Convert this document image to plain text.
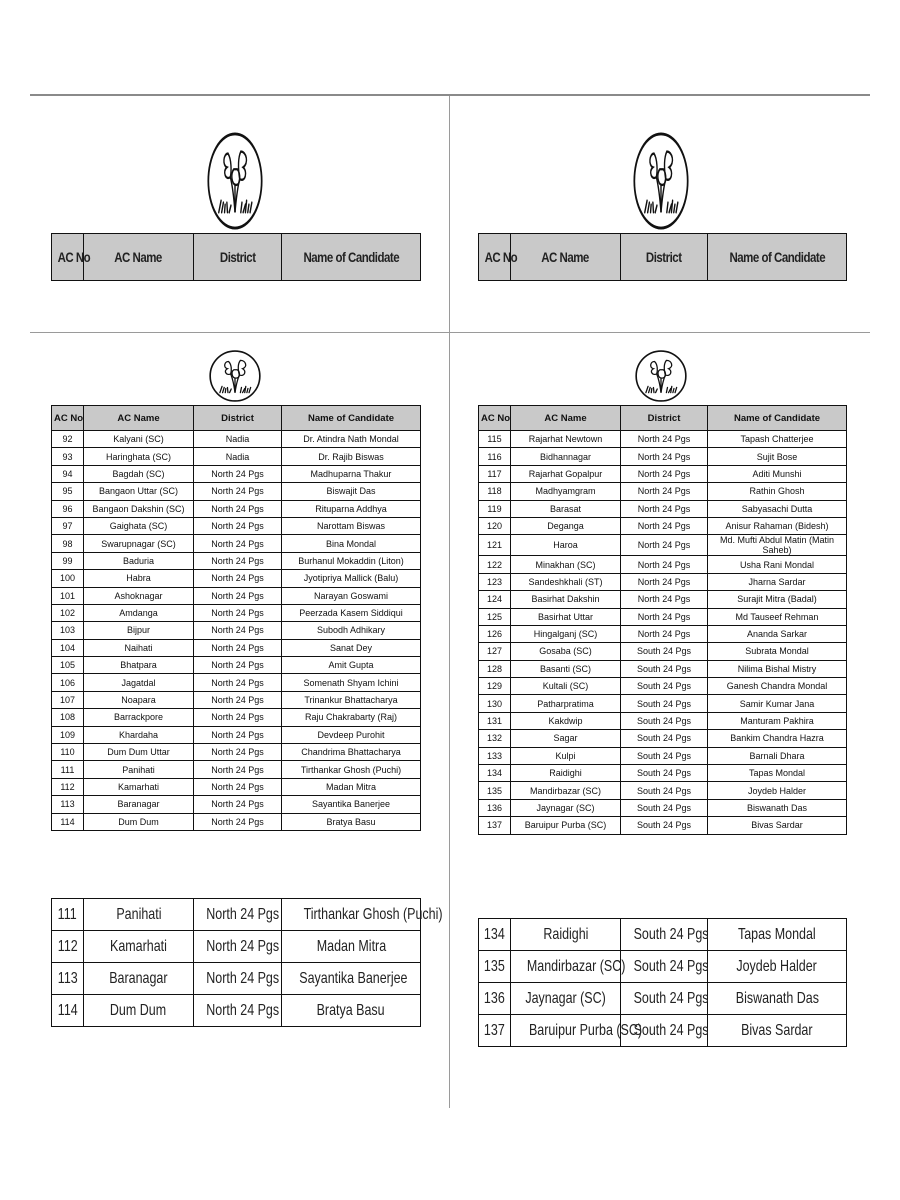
AC No	AC Name	District	Name of Candidate	AC No	AC Name	District	Name of Candidate
AC No	AC Name	District	Name of Candidate
92	Kalyani (SC)	Nadia	Dr. Atindra Nath Mondal
93	Haringhata (SC)	Nadia	Dr. Rajib Biswas
94	Bagdah (SC)	North 24 Pgs	Madhuparna Thakur
95	Bangaon Uttar (SC)	North 24 Pgs	Biswajit Das
96	Bangaon Dakshin (SC)	North 24 Pgs	Rituparna Addhya
97	Gaighata (SC)	North 24 Pgs	Narottam Biswas
98	Swarupnagar (SC)	North 24 Pgs	Bina Mondal
99	Baduria	North 24 Pgs	Burhanul Mokaddin (Liton)
100	Habra	North 24 Pgs	Jyotipriya Mallick (Balu)
101	Ashoknagar	North 24 Pgs	Narayan Goswami
102	Amdanga	North 24 Pgs	Peerzada Kasem Siddiqui
103	Bijpur	North 24 Pgs	Subodh Adhikary
104	Naihati	North 24 Pgs	Sanat Dey
105	Bhatpara	North 24 Pgs	Amit Gupta
106	Jagatdal	North 24 Pgs	Somenath Shyam Ichini
107	Noapara	North 24 Pgs	Trinankur Bhattacharya
108	Barrackpore	North 24 Pgs	Raju Chakrabarty (Raj)
109	Khardaha	North 24 Pgs	Devdeep Purohit
110	Dum Dum Uttar	North 24 Pgs	Chandrima Bhattacharya
111	Panihati	North 24 Pgs	Tirthankar Ghosh (Puchi)
112	Kamarhati	North 24 Pgs	Madan Mitra
113	Baranagar	North 24 Pgs	Sayantika Banerjee
114	Dum Dum	North 24 Pgs	Bratya Basu
AC No	AC Name	District	Name of Candidate
115	Rajarhat Newtown	North 24 Pgs	Tapash Chatterjee
116	Bidhannagar	North 24 Pgs	Sujit Bose
117	Rajarhat Gopalpur	North 24 Pgs	Aditi Munshi
118	Madhyamgram	North 24 Pgs	Rathin Ghosh
119	Barasat	North 24 Pgs	Sabyasachi Dutta
120	Deganga	North 24 Pgs	Anisur Rahaman (Bidesh)
121	Haroa	North 24 Pgs	Md. Mufti Abdul Matin (Matin Saheb)
122	Minakhan (SC)	North 24 Pgs	Usha Rani Mondal
123	Sandeshkhali (ST)	North 24 Pgs	Jharna Sardar
124	Basirhat Dakshin	North 24 Pgs	Surajit Mitra (Badal)
125	Basirhat Uttar	North 24 Pgs	Md Tauseef Rehman
126	Hingalganj (SC)	North 24 Pgs	Ananda Sarkar
127	Gosaba (SC)	South 24 Pgs	Subrata Mondal
128	Basanti (SC)	South 24 Pgs	Nilima Bishal Mistry
129	Kultali (SC)	South 24 Pgs	Ganesh Chandra Mondal
130	Patharpratima	South 24 Pgs	Samir Kumar Jana
131	Kakdwip	South 24 Pgs	Manturam Pakhira
132	Sagar	South 24 Pgs	Bankim Chandra Hazra
133	Kulpi	South 24 Pgs	Barnali Dhara
134	Raidighi	South 24 Pgs	Tapas Mondal
135	Mandirbazar (SC)	South 24 Pgs	Joydeb Halder
136	Jaynagar (SC)	South 24 Pgs	Biswanath Das
137	Baruipur Purba (SC)	South 24 Pgs	Bivas Sardar
111	Panihati	North 24 Pgs	Tirthankar Ghosh (Puchi)
112	Kamarhati	North 24 Pgs	Madan Mitra
113	Baranagar	North 24 Pgs	Sayantika Banerjee
114	Dum Dum	North 24 Pgs	Bratya Basu
134	Raidighi	South 24 Pgs	Tapas Mondal
135	Mandirbazar (SC)	South 24 Pgs	Joydeb Halder
136	Jaynagar (SC)	South 24 Pgs	Biswanath Das
137	Baruipur Purba (SC)	South 24 Pgs	Bivas Sardar
